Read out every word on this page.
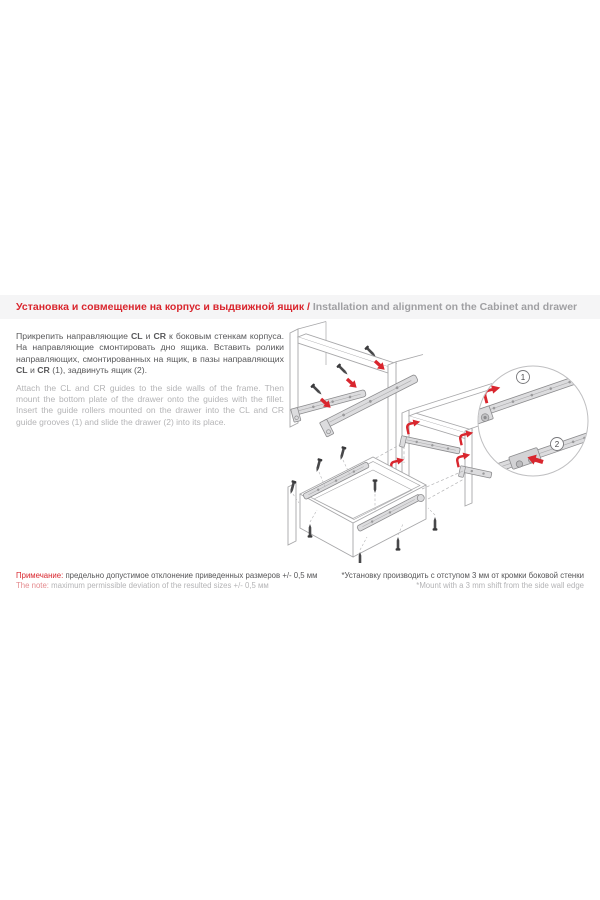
Установка и совмещение на корпус и выдвижной ящик / Installation and alignment on the Cabinet and drawer

Прикрепить направляющие CL и CR к боковым стенкам корпуса. На направляющие смонтировать дно ящика. Вставить ролики направляющих, смонтированных на ящик, в пазы направляющих CL и CR (1), задвинуть ящик (2).

Attach the CL and CR guides to the side walls of the frame. Then mount the bottom plate of the drawer onto the guides with the fillet. Insert the guide rollers mounted on the drawer into the CL and CR guide grooves (1) and slide the drawer (2) into its place.

1
2

Примечание: предельно допустимое отклонение приведенных размеров +/- 0,5 мм
The note: maximum permissible deviation of the resulted sizes +/- 0,5 мм

*Установку производить с отступом 3 мм от кромки боковой стенки
*Mount with a 3 mm shift from the side wall edge
